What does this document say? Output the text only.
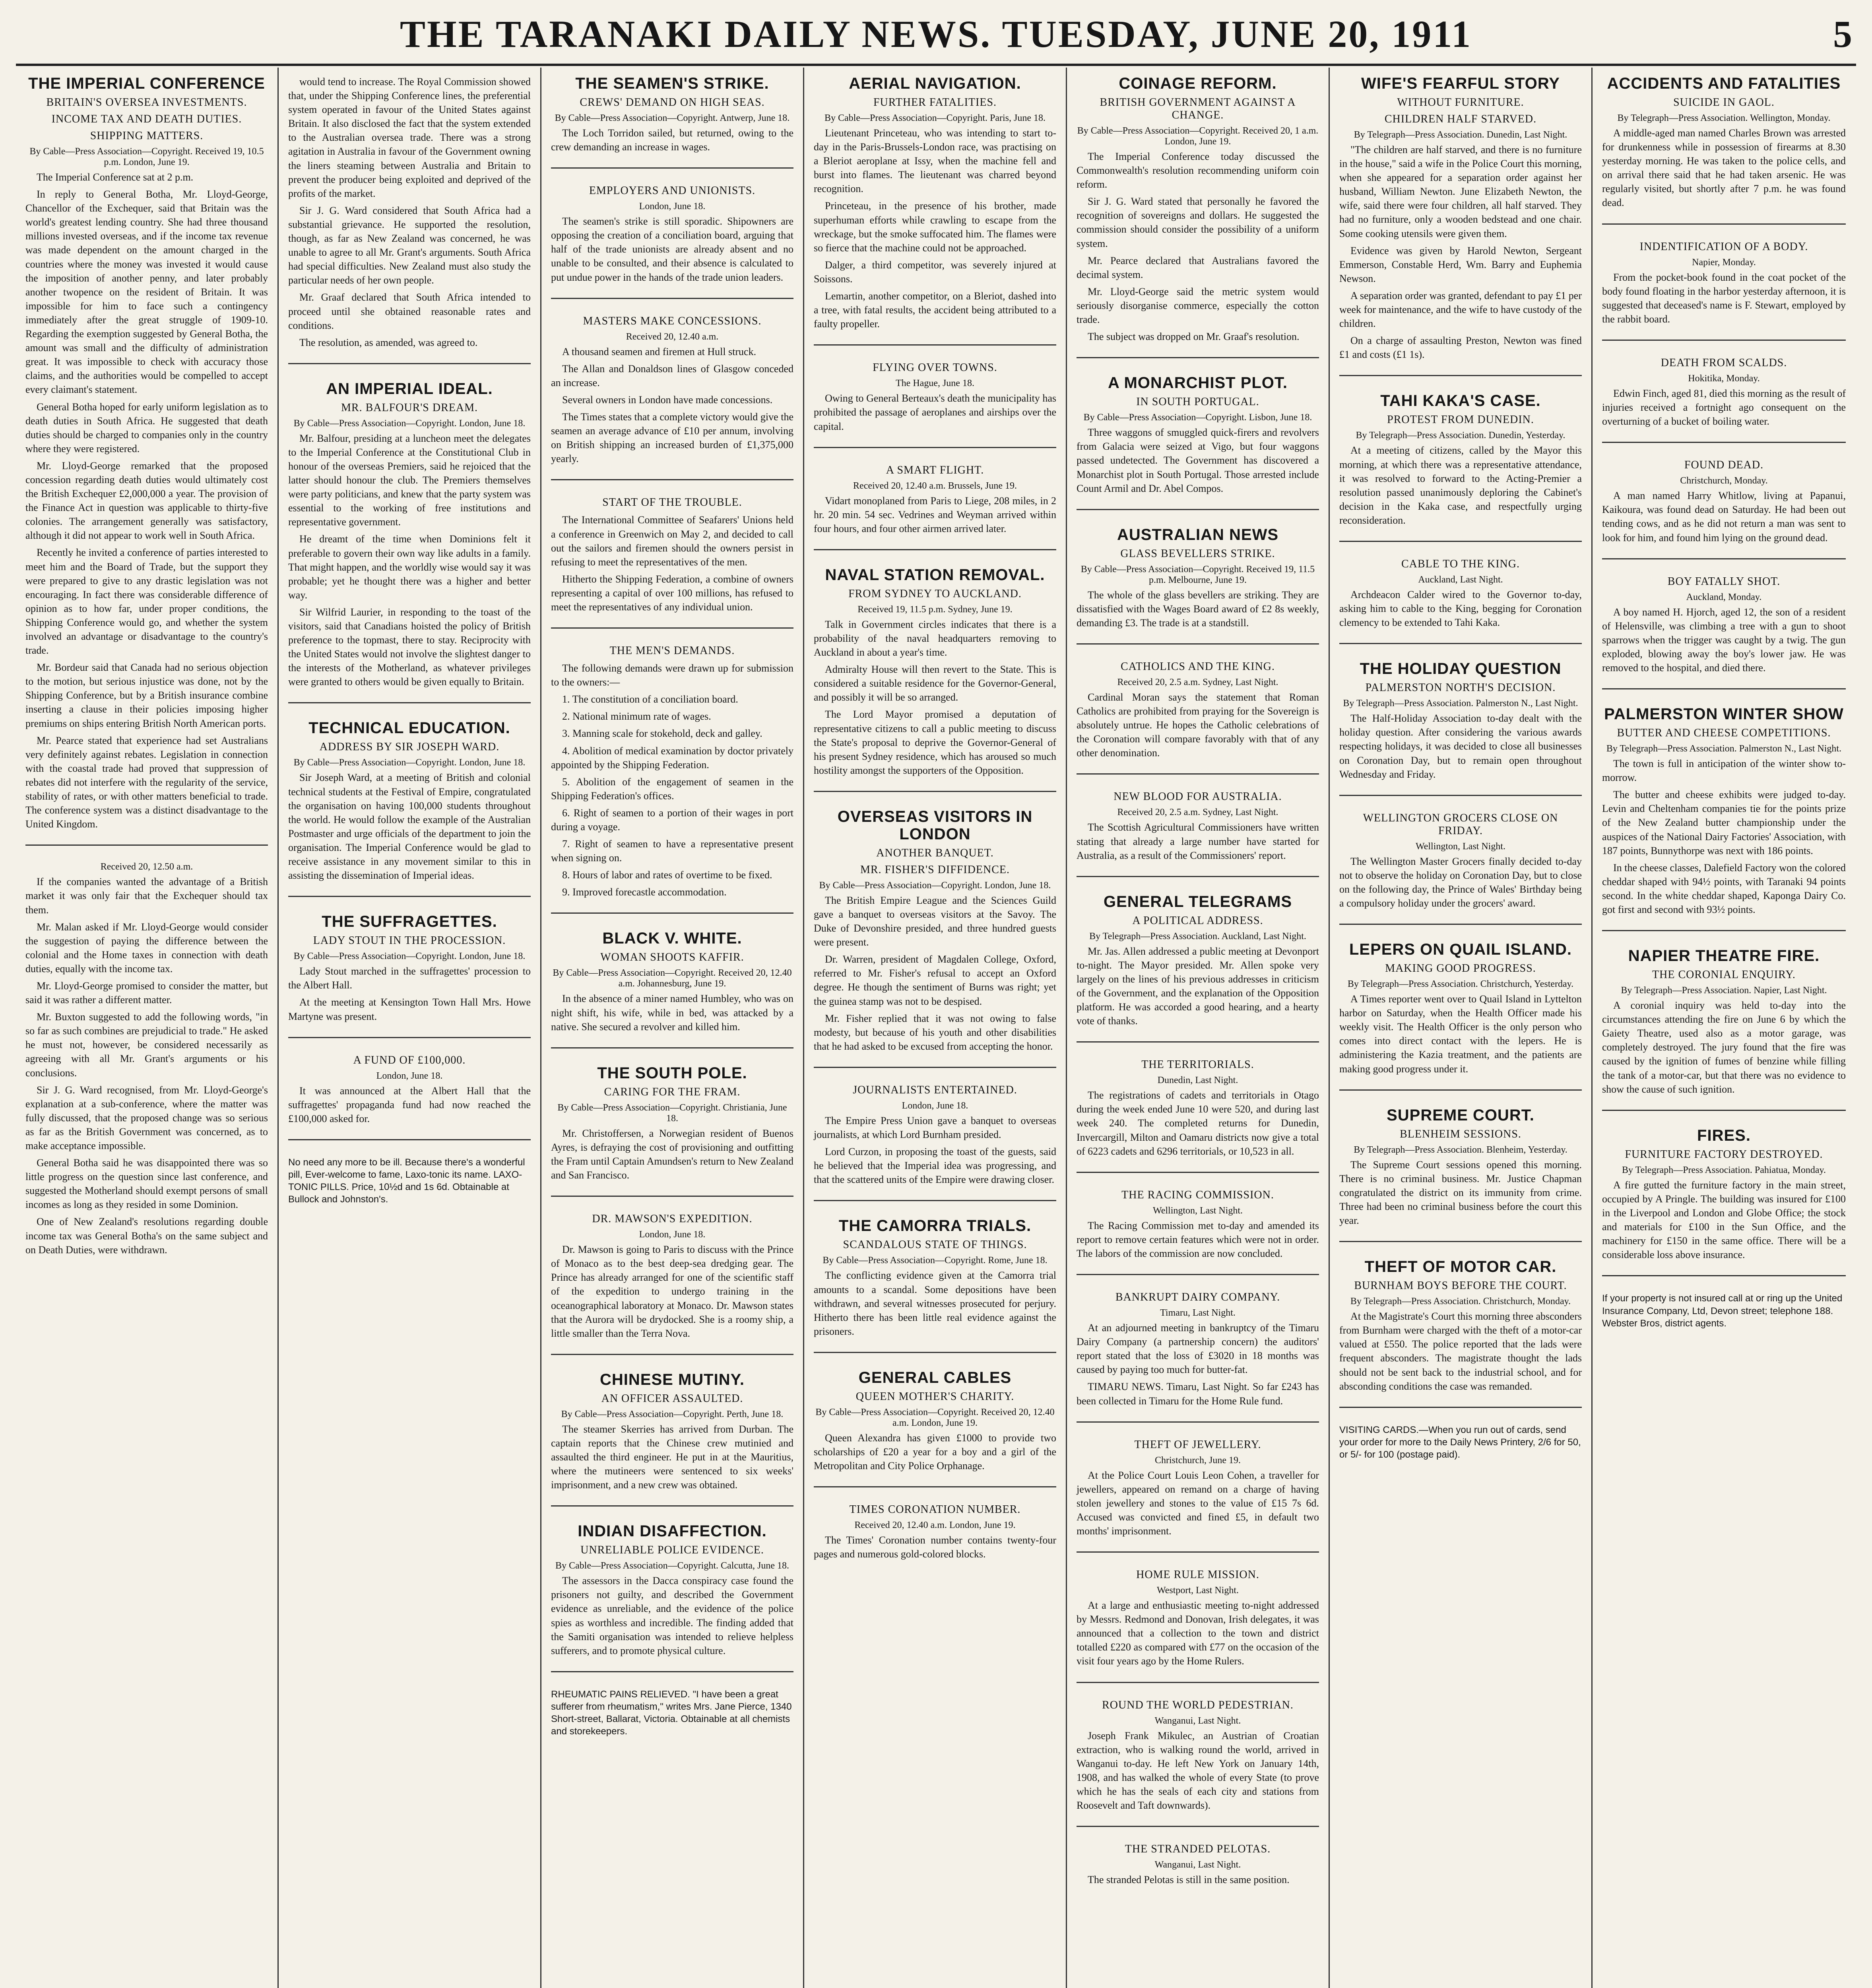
THE TARANAKI DAILY NEWS. TUESDAY, JUNE 20, 1911	5
THE IMPERIAL CONFERENCE
BRITAIN'S OVERSEA INVESTMENTS.
INCOME TAX AND DEATH DUTIES.
SHIPPING MATTERS.
By Cable—Press Association—Copyright. Received 19, 10.5 p.m. London, June 19.

The Imperial Conference sat at 2 p.m.

In reply to General Botha, Mr. Lloyd-George, Chancellor of the Exchequer, said that Britain was the world's greatest lending country. She had three thousand millions invested overseas, and if the income tax revenue was made dependent on the amount charged in the countries where the money was invested it would cause the imposition of another penny, and later probably another twopence on the resident of Britain. It was impossible for him to face such a contingency immediately after the great struggle of 1909-10. Regarding the exemption suggested by General Botha, the amount was small and the difficulty of administration great. It was impossible to check with accuracy those claims, and the authorities would be compelled to accept every claimant's statement.

General Botha hoped for early uniform legislation as to death duties in South Africa. He suggested that death duties should be charged to companies only in the country where they were registered.

Mr. Lloyd-George remarked that the proposed concession regarding death duties would ultimately cost the British Exchequer £2,000,000 a year. The provision of the Finance Act in question was applicable to thirty-five colonies. The arrangement generally was satisfactory, although it did not appear to work well in South Africa.

Recently he invited a conference of parties interested to meet him and the Board of Trade, but the support they were prepared to give to any drastic legislation was not encouraging. In fact there was considerable difference of opinion as to how far, under proper conditions, the Shipping Conference would go, and whether the system involved an advantage or disadvantage to the country's trade.

Mr. Bordeur said that Canada had no serious objection to the motion, but serious injustice was done, not by the Shipping Conference, but by a British insurance combine inserting a clause in their policies imposing higher premiums on ships entering British North American ports.

Mr. Pearce stated that experience had set Australians very definitely against rebates. Legislation in connection with the coastal trade had proved that suppression of rebates did not interfere with the regularity of the service, stability of rates, or with other matters beneficial to trade. The conference system was a distinct disadvantage to the United Kingdom.

Received 20, 12.50 a.m.

If the companies wanted the advantage of a British market it was only fair that the Exchequer should tax them.

Mr. Malan asked if Mr. Lloyd-George would consider the suggestion of paying the difference between the colonial and the Home taxes in connection with death duties, equally with the income tax.

Mr. Lloyd-George promised to consider the matter, but said it was rather a different matter.

Mr. Buxton suggested to add the following words, "in so far as such combines are prejudicial to trade." He asked he must not, however, be considered necessarily as agreeing with all Mr. Grant's arguments or his conclusions.

Sir J. G. Ward recognised, from Mr. Lloyd-George's explanation at a sub-conference, where the matter was fully discussed, that the proposed change was so serious as far as the British Government was concerned, as to make acceptance impossible.

General Botha said he was disappointed there was so little progress on the question since last conference, and suggested the Motherland should exempt persons of small incomes as long as they resided in some Dominion.

One of New Zealand's resolutions regarding double income tax was General Botha's on the same subject and on Death Duties, were withdrawn.

would tend to increase. The Royal Commission showed that, under the Shipping Conference lines, the preferential system operated in favour of the United States against Britain. It also disclosed the fact that the system extended to the Australian oversea trade. There was a strong agitation in Australia in favour of the Government owning the liners steaming between Australia and Britain to prevent the producer being exploited and deprived of the profits of the market.

Sir J. G. Ward considered that South Africa had a substantial grievance. He supported the resolution, though, as far as New Zealand was concerned, he was unable to agree to all Mr. Grant's arguments. South Africa had special difficulties. New Zealand must also study the particular needs of her own people.

Mr. Graaf declared that South Africa intended to proceed until she obtained reasonable rates and conditions.

The resolution, as amended, was agreed to.

AN IMPERIAL IDEAL.
MR. BALFOUR'S DREAM.
By Cable—Press Association—Copyright. London, June 18.

Mr. Balfour, presiding at a luncheon meet the delegates to the Imperial Conference at the Constitutional Club in honour of the overseas Premiers, said he rejoiced that the latter should honour the club. The Premiers themselves were party politicians, and knew that the party system was essential to the working of free institutions and representative government.

He dreamt of the time when Dominions felt it preferable to govern their own way like adults in a family. That might happen, and the worldly wise would say it was probable; yet he thought there was a higher and better way.

Sir Wilfrid Laurier, in responding to the toast of the visitors, said that Canadians hoisted the policy of British preference to the topmast, there to stay. Reciprocity with the United States would not involve the slightest danger to the interests of the Motherland, as whatever privileges were granted to others would be given equally to Britain.

TECHNICAL EDUCATION.
ADDRESS BY SIR JOSEPH WARD.
By Cable—Press Association—Copyright. London, June 18.

Sir Joseph Ward, at a meeting of British and colonial technical students at the Festival of Empire, congratulated the organisation on having 100,000 students throughout the world. He would follow the example of the Australian Postmaster and urge officials of the department to join the organisation. The Imperial Conference would be glad to receive assistance in any movement similar to this in assisting the dissemination of Imperial ideas.

THE SUFFRAGETTES.
LADY STOUT IN THE PROCESSION.
By Cable—Press Association—Copyright. London, June 18.

Lady Stout marched in the suffragettes' procession to the Albert Hall.

At the meeting at Kensington Town Hall Mrs. Howe Martyne was present.

A FUND OF £100,000.
London, June 18.

It was announced at the Albert Hall that the suffragettes' propaganda fund had now reached the £100,000 asked for.

No need any more to be ill. Because there's a wonderful pill, Ever-welcome to fame, Laxo-tonic its name. LAXO-TONIC PILLS. Price, 10½d and 1s 6d. Obtainable at Bullock and Johnston's.
THE SEAMEN'S STRIKE.
CREWS' DEMAND ON HIGH SEAS.
By Cable—Press Association—Copyright. Antwerp, June 18.

The Loch Torridon sailed, but returned, owing to the crew demanding an increase in wages.

EMPLOYERS AND UNIONISTS.
London, June 18.

The seamen's strike is still sporadic. Shipowners are opposing the creation of a conciliation board, arguing that half of the trade unionists are already absent and no unable to be consulted, and their absence is calculated to put undue power in the hands of the trade union leaders.

MASTERS MAKE CONCESSIONS.
Received 20, 12.40 a.m.

A thousand seamen and firemen at Hull struck.

The Allan and Donaldson lines of Glasgow conceded an increase.

Several owners in London have made concessions.

The Times states that a complete victory would give the seamen an average advance of £10 per annum, involving on British shipping an increased burden of £1,375,000 yearly.

START OF THE TROUBLE.

The International Committee of Seafarers' Unions held a conference in Greenwich on May 2, and decided to call out the sailors and firemen should the owners persist in refusing to meet the representatives of the men.

Hitherto the Shipping Federation, a combine of owners representing a capital of over 100 millions, has refused to meet the representatives of any individual union.

THE MEN'S DEMANDS.

The following demands were drawn up for submission to the owners:—

1. The constitution of a conciliation board.

2. National minimum rate of wages.

3. Manning scale for stokehold, deck and galley.

4. Abolition of medical examination by doctor privately appointed by the Shipping Federation.

5. Abolition of the engagement of seamen in the Shipping Federation's offices.

6. Right of seamen to a portion of their wages in port during a voyage.

7. Right of seamen to have a representative present when signing on.

8. Hours of labor and rates of overtime to be fixed.

9. Improved forecastle accommodation.

BLACK V. WHITE.
WOMAN SHOOTS KAFFIR.
By Cable—Press Association—Copyright. Received 20, 12.40 a.m. Johannesburg, June 19.

In the absence of a miner named Humbley, who was on night shift, his wife, while in bed, was attacked by a native. She secured a revolver and killed him.

THE SOUTH POLE.
CARING FOR THE FRAM.
By Cable—Press Association—Copyright. Christiania, June 18.

Mr. Christoffersen, a Norwegian resident of Buenos Ayres, is defraying the cost of provisioning and outfitting the Fram until Captain Amundsen's return to New Zealand and San Francisco.

DR. MAWSON'S EXPEDITION.
London, June 18.

Dr. Mawson is going to Paris to discuss with the Prince of Monaco as to the best deep-sea dredging gear. The Prince has already arranged for one of the scientific staff of the expedition to undergo training in the oceanographical laboratory at Monaco. Dr. Mawson states that the Aurora will be drydocked. She is a roomy ship, a little smaller than the Terra Nova.

CHINESE MUTINY.
AN OFFICER ASSAULTED.
By Cable—Press Association—Copyright. Perth, June 18.

The steamer Skerries has arrived from Durban. The captain reports that the Chinese crew mutinied and assaulted the third engineer. He put in at the Mauritius, where the mutineers were sentenced to six weeks' imprisonment, and a new crew was obtained.

INDIAN DISAFFECTION.
UNRELIABLE POLICE EVIDENCE.
By Cable—Press Association—Copyright. Calcutta, June 18.

The assessors in the Dacca conspiracy case found the prisoners not guilty, and described the Government evidence as unreliable, and the evidence of the police spies as worthless and incredible. The finding added that the Samiti organisation was intended to relieve helpless sufferers, and to promote physical culture.

RHEUMATIC PAINS RELIEVED. "I have been a great sufferer from rheumatism," writes Mrs. Jane Pierce, 1340 Short-street, Ballarat, Victoria. Obtainable at all chemists and storekeepers.
AERIAL NAVIGATION.
FURTHER FATALITIES.
By Cable—Press Association—Copyright. Paris, June 18.

Lieutenant Princeteau, who was intending to start to-day in the Paris-Brussels-London race, was practising on a Bleriot aeroplane at Issy, when the machine fell and burst into flames. The lieutenant was charred beyond recognition.

Princeteau, in the presence of his brother, made superhuman efforts while crawling to escape from the wreckage, but the smoke suffocated him. The flames were so fierce that the machine could not be approached.

Dalger, a third competitor, was severely injured at Soissons.

Lemartin, another competitor, on a Bleriot, dashed into a tree, with fatal results, the accident being attributed to a faulty propeller.

FLYING OVER TOWNS.
The Hague, June 18.

Owing to General Berteaux's death the municipality has prohibited the passage of aeroplanes and airships over the capital.

A SMART FLIGHT.
Received 20, 12.40 a.m. Brussels, June 19.

Vidart monoplaned from Paris to Liege, 208 miles, in 2 hr. 20 min. 54 sec. Vedrines and Weyman arrived within four hours, and four other airmen arrived later.

NAVAL STATION REMOVAL.
FROM SYDNEY TO AUCKLAND.
Received 19, 11.5 p.m. Sydney, June 19.

Talk in Government circles indicates that there is a probability of the naval headquarters removing to Auckland in about a year's time.

Admiralty House will then revert to the State. This is considered a suitable residence for the Governor-General, and possibly it will be so arranged.

The Lord Mayor promised a deputation of representative citizens to call a public meeting to discuss the State's proposal to deprive the Governor-General of his present Sydney residence, which has aroused so much hostility amongst the supporters of the Opposition.

OVERSEAS VISITORS IN LONDON
ANOTHER BANQUET.
MR. FISHER'S DIFFIDENCE.
By Cable—Press Association—Copyright. London, June 18.

The British Empire League and the Sciences Guild gave a banquet to overseas visitors at the Savoy. The Duke of Devonshire presided, and three hundred guests were present.

Dr. Warren, president of Magdalen College, Oxford, referred to Mr. Fisher's refusal to accept an Oxford degree. He though the sentiment of Burns was right; yet the guinea stamp was not to be despised.

Mr. Fisher replied that it was not owing to false modesty, but because of his youth and other disabilities that he had asked to be excused from accepting the honor.

JOURNALISTS ENTERTAINED.
London, June 18.

The Empire Press Union gave a banquet to overseas journalists, at which Lord Burnham presided.

Lord Curzon, in proposing the toast of the guests, said he believed that the Imperial idea was progressing, and that the scattered units of the Empire were drawing closer.

THE CAMORRA TRIALS.
SCANDALOUS STATE OF THINGS.
By Cable—Press Association—Copyright. Rome, June 18.

The conflicting evidence given at the Camorra trial amounts to a scandal. Some depositions have been withdrawn, and several witnesses prosecuted for perjury. Hitherto there has been little real evidence against the prisoners.

GENERAL CABLES
QUEEN MOTHER'S CHARITY.
By Cable—Press Association—Copyright. Received 20, 12.40 a.m. London, June 19.

Queen Alexandra has given £1000 to provide two scholarships of £20 a year for a boy and a girl of the Metropolitan and City Police Orphanage.

TIMES CORONATION NUMBER.
Received 20, 12.40 a.m. London, June 19.

The Times' Coronation number contains twenty-four pages and numerous gold-colored blocks.

COINAGE REFORM.
BRITISH GOVERNMENT AGAINST A CHANGE.
By Cable—Press Association—Copyright. Received 20, 1 a.m. London, June 19.

The Imperial Conference today discussed the Commonwealth's resolution recommending uniform coin reform.

Sir J. G. Ward stated that personally he favored the recognition of sovereigns and dollars. He suggested the commission should consider the possibility of a uniform system.

Mr. Pearce declared that Australians favored the decimal system.

Mr. Lloyd-George said the metric system would seriously disorganise commerce, especially the cotton trade.

The subject was dropped on Mr. Graaf's resolution.

A MONARCHIST PLOT.
IN SOUTH PORTUGAL.
By Cable—Press Association—Copyright. Lisbon, June 18.

Three waggons of smuggled quick-firers and revolvers from Galacia were seized at Vigo, but four waggons passed undetected. The Government has discovered a Monarchist plot in South Portugal. Those arrested include Count Armil and Dr. Abel Compos.

AUSTRALIAN NEWS
GLASS BEVELLERS STRIKE.
By Cable—Press Association—Copyright. Received 19, 11.5 p.m. Melbourne, June 19.

The whole of the glass bevellers are striking. They are dissatisfied with the Wages Board award of £2 8s weekly, demanding £3. The trade is at a standstill.

CATHOLICS AND THE KING.
Received 20, 2.5 a.m. Sydney, Last Night.

Cardinal Moran says the statement that Roman Catholics are prohibited from praying for the Sovereign is absolutely untrue. He hopes the Catholic celebrations of the Coronation will compare favorably with that of any other denomination.

NEW BLOOD FOR AUSTRALIA.
Received 20, 2.5 a.m. Sydney, Last Night.

The Scottish Agricultural Commissioners have written stating that already a large number have started for Australia, as a result of the Commissioners' report.

GENERAL TELEGRAMS
A POLITICAL ADDRESS.
By Telegraph—Press Association. Auckland, Last Night.

Mr. Jas. Allen addressed a public meeting at Devonport to-night. The Mayor presided. Mr. Allen spoke very largely on the lines of his previous addresses in criticism of the Government, and the explanation of the Opposition platform. He was accorded a good hearing, and a hearty vote of thanks.

THE TERRITORIALS.
Dunedin, Last Night.

The registrations of cadets and territorials in Otago during the week ended June 10 were 520, and during last week 240. The completed returns for Dunedin, Invercargill, Milton and Oamaru districts now give a total of 6223 cadets and 6296 territorials, or 10,523 in all.

THE RACING COMMISSION.
Wellington, Last Night.

The Racing Commission met to-day and amended its report to remove certain features which were not in order. The labors of the commission are now concluded.

BANKRUPT DAIRY COMPANY.
Timaru, Last Night.

At an adjourned meeting in bankruptcy of the Timaru Dairy Company (a partnership concern) the auditors' report stated that the loss of £3020 in 18 months was caused by paying too much for butter-fat.

TIMARU NEWS. Timaru, Last Night. So far £243 has been collected in Timaru for the Home Rule fund.

THEFT OF JEWELLERY.
Christchurch, June 19.

At the Police Court Louis Leon Cohen, a traveller for jewellers, appeared on remand on a charge of having stolen jewellery and stones to the value of £15 7s 6d. Accused was convicted and fined £5, in default two months' imprisonment.

HOME RULE MISSION.
Westport, Last Night.

At a large and enthusiastic meeting to-night addressed by Messrs. Redmond and Donovan, Irish delegates, it was announced that a collection to the town and district totalled £220 as compared with £77 on the occasion of the visit four years ago by the Home Rulers.

ROUND THE WORLD PEDESTRIAN.
Wanganui, Last Night.

Joseph Frank Mikulec, an Austrian of Croatian extraction, who is walking round the world, arrived in Wanganui to-day. He left New York on January 14th, 1908, and has walked the whole of every State (to prove which he has the seals of each city and stations from Roosevelt and Taft downwards).

THE STRANDED PELOTAS.
Wanganui, Last Night.

The stranded Pelotas is still in the same position.

WIFE'S FEARFUL STORY
WITHOUT FURNITURE.
CHILDREN HALF STARVED.
By Telegraph—Press Association. Dunedin, Last Night.

"The children are half starved, and there is no furniture in the house," said a wife in the Police Court this morning, when she appeared for a separation order against her husband, William Newton. June Elizabeth Newton, the wife, said there were four children, all half starved. They had no furniture, only a wooden bedstead and one chair. Some cooking utensils were given them.

Evidence was given by Harold Newton, Sergeant Emmerson, Constable Herd, Wm. Barry and Euphemia Newson.

A separation order was granted, defendant to pay £1 per week for maintenance, and the wife to have custody of the children.

On a charge of assaulting Preston, Newton was fined £1 and costs (£1 1s).

TAHI KAKA'S CASE.
PROTEST FROM DUNEDIN.
By Telegraph—Press Association. Dunedin, Yesterday.

At a meeting of citizens, called by the Mayor this morning, at which there was a representative attendance, it was resolved to forward to the Acting-Premier a resolution passed unanimously deploring the Cabinet's decision in the Kaka case, and respectfully urging reconsideration.

CABLE TO THE KING.
Auckland, Last Night.

Archdeacon Calder wired to the Governor to-day, asking him to cable to the King, begging for Coronation clemency to be extended to Tahi Kaka.

THE HOLIDAY QUESTION
PALMERSTON NORTH'S DECISION.
By Telegraph—Press Association. Palmerston N., Last Night.

The Half-Holiday Association to-day dealt with the holiday question. After considering the various awards respecting holidays, it was decided to close all businesses on Coronation Day, but to remain open throughout Wednesday and Friday.

WELLINGTON GROCERS CLOSE ON FRIDAY.
Wellington, Last Night.

The Wellington Master Grocers finally decided to-day not to observe the holiday on Coronation Day, but to close on the following day, the Prince of Wales' Birthday being a compulsory holiday under the grocers' award.

LEPERS ON QUAIL ISLAND.
MAKING GOOD PROGRESS.
By Telegraph—Press Association. Christchurch, Yesterday.

A Times reporter went over to Quail Island in Lyttelton harbor on Saturday, when the Health Officer made his weekly visit. The Health Officer is the only person who comes into direct contact with the lepers. He is administering the Kazia treatment, and the patients are making good progress under it.

SUPREME COURT.
BLENHEIM SESSIONS.
By Telegraph—Press Association. Blenheim, Yesterday.

The Supreme Court sessions opened this morning. There is no criminal business. Mr. Justice Chapman congratulated the district on its immunity from crime. Three had been no criminal business before the court this year.

THEFT OF MOTOR CAR.
BURNHAM BOYS BEFORE THE COURT.
By Telegraph—Press Association. Christchurch, Monday.

At the Magistrate's Court this morning three absconders from Burnham were charged with the theft of a motor-car valued at £550. The police reported that the lads were frequent absconders. The magistrate thought the lads should not be sent back to the industrial school, and for absconding conditions the case was remanded.

VISITING CARDS.—When you run out of cards, send your order for more to the Daily News Printery, 2/6 for 50, or 5/- for 100 (postage paid).
ACCIDENTS AND FATALITIES
SUICIDE IN GAOL.
By Telegraph—Press Association. Wellington, Monday.

A middle-aged man named Charles Brown was arrested for drunkenness while in possession of firearms at 8.30 yesterday morning. He was taken to the police cells, and on arrival there said that he had taken arsenic. He was regularly visited, but shortly after 7 p.m. he was found dead.

INDENTIFICATION OF A BODY.
Napier, Monday.

From the pocket-book found in the coat pocket of the body found floating in the harbor yesterday afternoon, it is suggested that deceased's name is F. Stewart, employed by the rabbit board.

DEATH FROM SCALDS.
Hokitika, Monday.

Edwin Finch, aged 81, died this morning as the result of injuries received a fortnight ago consequent on the overturning of a bucket of boiling water.

FOUND DEAD.
Christchurch, Monday.

A man named Harry Whitlow, living at Papanui, Kaikoura, was found dead on Saturday. He had been out tending cows, and as he did not return a man was sent to look for him, and found him lying on the ground dead.

BOY FATALLY SHOT.
Auckland, Monday.

A boy named H. Hjorch, aged 12, the son of a resident of Helensville, was climbing a tree with a gun to shoot sparrows when the trigger was caught by a twig. The gun exploded, blowing away the boy's lower jaw. He was removed to the hospital, and died there.

PALMERSTON WINTER SHOW
BUTTER AND CHEESE COMPETITIONS.
By Telegraph—Press Association. Palmerston N., Last Night.

The town is full in anticipation of the winter show to-morrow.

The butter and cheese exhibits were judged to-day. Levin and Cheltenham companies tie for the points prize of the New Zealand butter championship under the auspices of the National Dairy Factories' Association, with 187 points, Bunnythorpe was next with 186 points.

In the cheese classes, Dalefield Factory won the colored cheddar shaped with 94½ points, with Taranaki 94 points second. In the white cheddar shaped, Kaponga Dairy Co. got first and second with 93½ points.

NAPIER THEATRE FIRE.
THE CORONIAL ENQUIRY.
By Telegraph—Press Association. Napier, Last Night.

A coronial inquiry was held to-day into the circumstances attending the fire on June 6 by which the Gaiety Theatre, used also as a motor garage, was completely destroyed. The jury found that the fire was caused by the ignition of fumes of benzine while filling the tank of a motor-car, but that there was no evidence to show the cause of such ignition.

FIRES.
FURNITURE FACTORY DESTROYED.
By Telegraph—Press Association. Pahiatua, Monday.

A fire gutted the furniture factory in the main street, occupied by A Pringle. The building was insured for £100 in the Liverpool and London and Globe Office; the stock and materials for £100 in the Sun Office, and the machinery for £150 in the same office. There will be a considerable loss above insurance.

If your property is not insured call at or ring up the United Insurance Company, Ltd, Devon street; telephone 188. Webster Bros, district agents.
